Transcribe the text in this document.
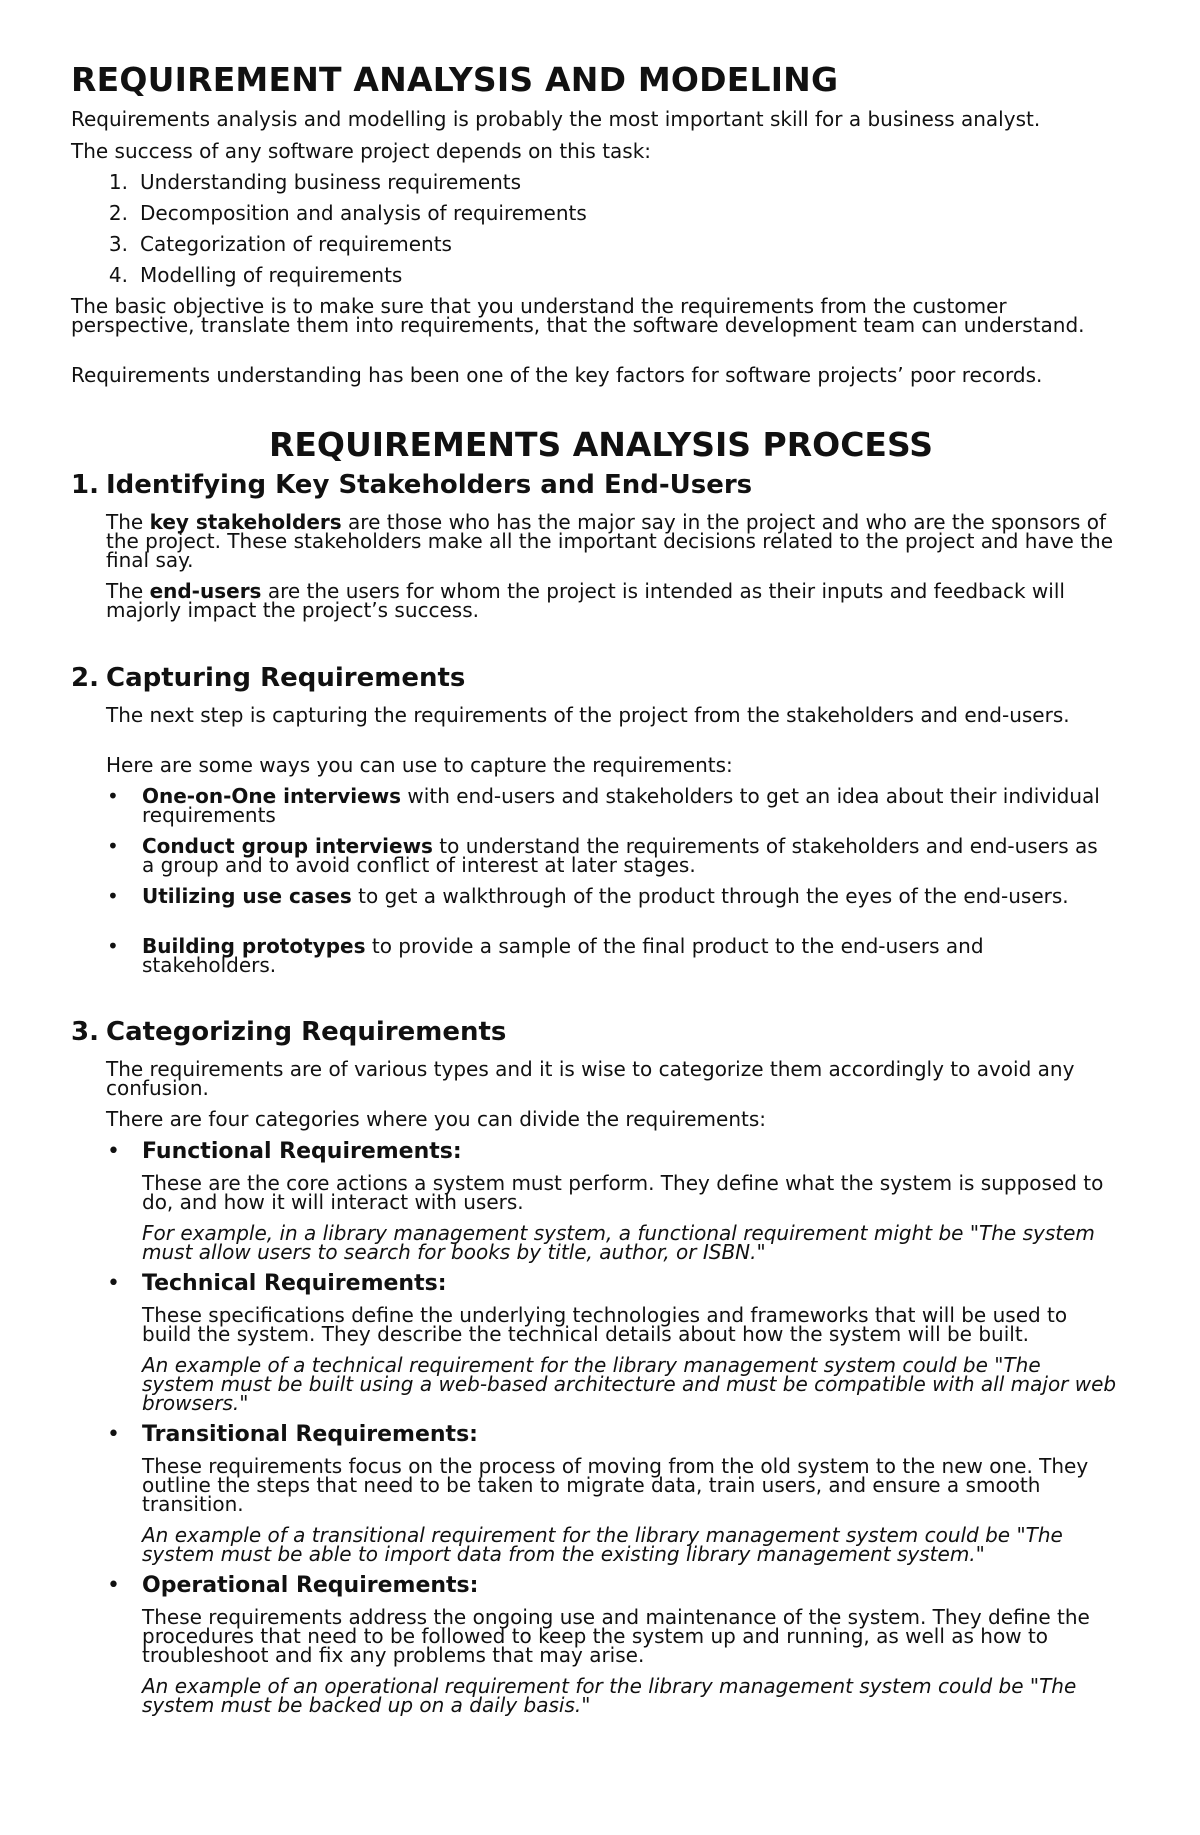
REQUIREMENT ANALYSIS AND MODELING

Requirements analysis and modelling is probably the most important skill for a business analyst.

The success of any software project depends on this task:

1. Understanding business requirements
2. Decomposition and analysis of requirements
3. Categorization of requirements
4. Modelling of requirements

The basic objective is to make sure that you understand the requirements from the customer perspective, translate them into requirements, that the software development team can understand.

Requirements understanding has been one of the key factors for software projects’ poor records.

REQUIREMENTS ANALYSIS PROCESS
1. Identifying Key Stakeholders and End-Users

The key stakeholders are those who has the major say in the project and who are the sponsors of the project. These stakeholders make all the important decisions related to the project and have the final say.

The end-users are the users for whom the project is intended as their inputs and feedback will majorly impact the project’s success.

2. Capturing Requirements

The next step is capturing the requirements of the project from the stakeholders and end-users.

Here are some ways you can use to capture the requirements:

• One-on-One interviews with end-users and stakeholders to get an idea about their individual requirements
• Conduct group interviews to understand the requirements of stakeholders and end-users as a group and to avoid conflict of interest at later stages.
• Utilizing use cases to get a walkthrough of the product through the eyes of the end-users.
• Building prototypes to provide a sample of the final product to the end-users and stakeholders.
3. Categorizing Requirements

The requirements are of various types and it is wise to categorize them accordingly to avoid any confusion.

There are four categories where you can divide the requirements:

• Functional Requirements:

These are the core actions a system must perform. They define what the system is supposed to do, and how it will interact with users.

For example, in a library management system, a functional requirement might be "The system must allow users to search for books by title, author, or ISBN."

• Technical Requirements:

These specifications define the underlying technologies and frameworks that will be used to build the system. They describe the technical details about how the system will be built.

An example of a technical requirement for the library management system could be "The system must be built using a web-based architecture and must be compatible with all major web browsers."

• Transitional Requirements:

These requirements focus on the process of moving from the old system to the new one. They outline the steps that need to be taken to migrate data, train users, and ensure a smooth transition.

An example of a transitional requirement for the library management system could be "The system must be able to import data from the existing library management system."

• Operational Requirements:

These requirements address the ongoing use and maintenance of the system. They define the procedures that need to be followed to keep the system up and running, as well as how to troubleshoot and fix any problems that may arise.

An example of an operational requirement for the library management system could be "The system must be backed up on a daily basis."
